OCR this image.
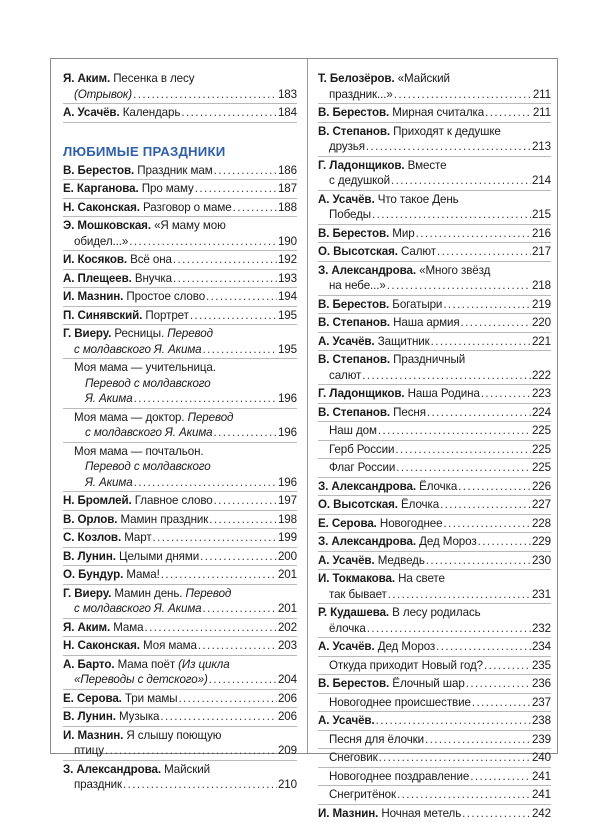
Я. Аким. Песенка в лесу
(Отрывок) .....	183
А. Усачёв. Календарь .....	184
ЛЮБИМЫЕ ПРАЗДНИКИ
В. Берестов. Праздник мам .....	186
Е. Карганова. Про маму .....	187
Н. Саконская. Разговор о маме .....	188
Э. Мошковская. «Я маму мою
обидел...» .....	190
И. Косяков. Всё она .....	192
А. Плещеев. Внучка .....	193
И. Мазнин. Простое слово .....	194
П. Синявский. Портрет .....	195
Г. Виеру. Ресницы. Перевод
с молдавского Я. Акима .....	195
Моя мама — учительница.
Перевод с молдавского
Я. Акима .....	196
Моя мама — доктор. Перевод
с молдавского Я. Акима .....	196
Моя мама — почтальон.
Перевод с молдавского
Я. Акима .....	196
Н. Бромлей. Главное слово .....	197
В. Орлов. Мамин праздник .....	198
С. Козлов. Март .....	199
В. Лунин. Целыми днями .....	200
О. Бундур. Мама! .....	201
Г. Виеру. Мамин день. Перевод
с молдавского Я. Акима .....	201
Я. Аким. Мама .....	202
Н. Саконская. Моя мама .....	203
А. Барто. Мама поёт (Из цикла
«Переводы с детского») .....	204
Е. Серова. Три мамы .....	206
В. Лунин. Музыка .....	206
И. Мазнин. Я слышу поющую
птицу .....	209
З. Александрова. Майский
праздник .....	210
Т. Белозёров. «Майский
праздник...» .....	211
В. Берестов. Мирная считалка .....	211
В. Степанов. Приходят к дедушке
друзья .....	213
Г. Ладонщиков. Вместе
с дедушкой .....	214
А. Усачёв. Что такое День
Победы .....	215
В. Берестов. Мир .....	216
О. Высотская. Салют .....	217
З. Александрова. «Много звёзд
на небе...» .....	218
В. Берестов. Богатыри .....	219
В. Степанов. Наша армия .....	220
А. Усачёв. Защитник .....	221
В. Степанов. Праздничный
салют .....	222
Г. Ладонщиков. Наша Родина .....	223
В. Степанов. Песня .....	224
Наш дом .....	225
Герб России .....	225
Флаг России .....	225
З. Александрова. Ёлочка .....	226
О. Высотская. Ёлочка .....	227
Е. Серова. Новогоднее .....	228
З. Александрова. Дед Мороз .....	229
А. Усачёв. Медведь .....	230
И. Токмакова. На свете
так бывает .....	231
Р. Кудашева. В лесу родилась
ёлочка .....	232
А. Усачёв. Дед Мороз .....	234
Откуда приходит Новый год? .....	235
В. Берестов. Ёлочный шар .....	236
Новогоднее происшествие .....	237
А. Усачёв. .....	238
Песня для ёлочки .....	239
Снеговик .....	240
Новогоднее поздравление .....	241
Снегритёнок .....	241
И. Мазнин. Ночная метель .....	242
